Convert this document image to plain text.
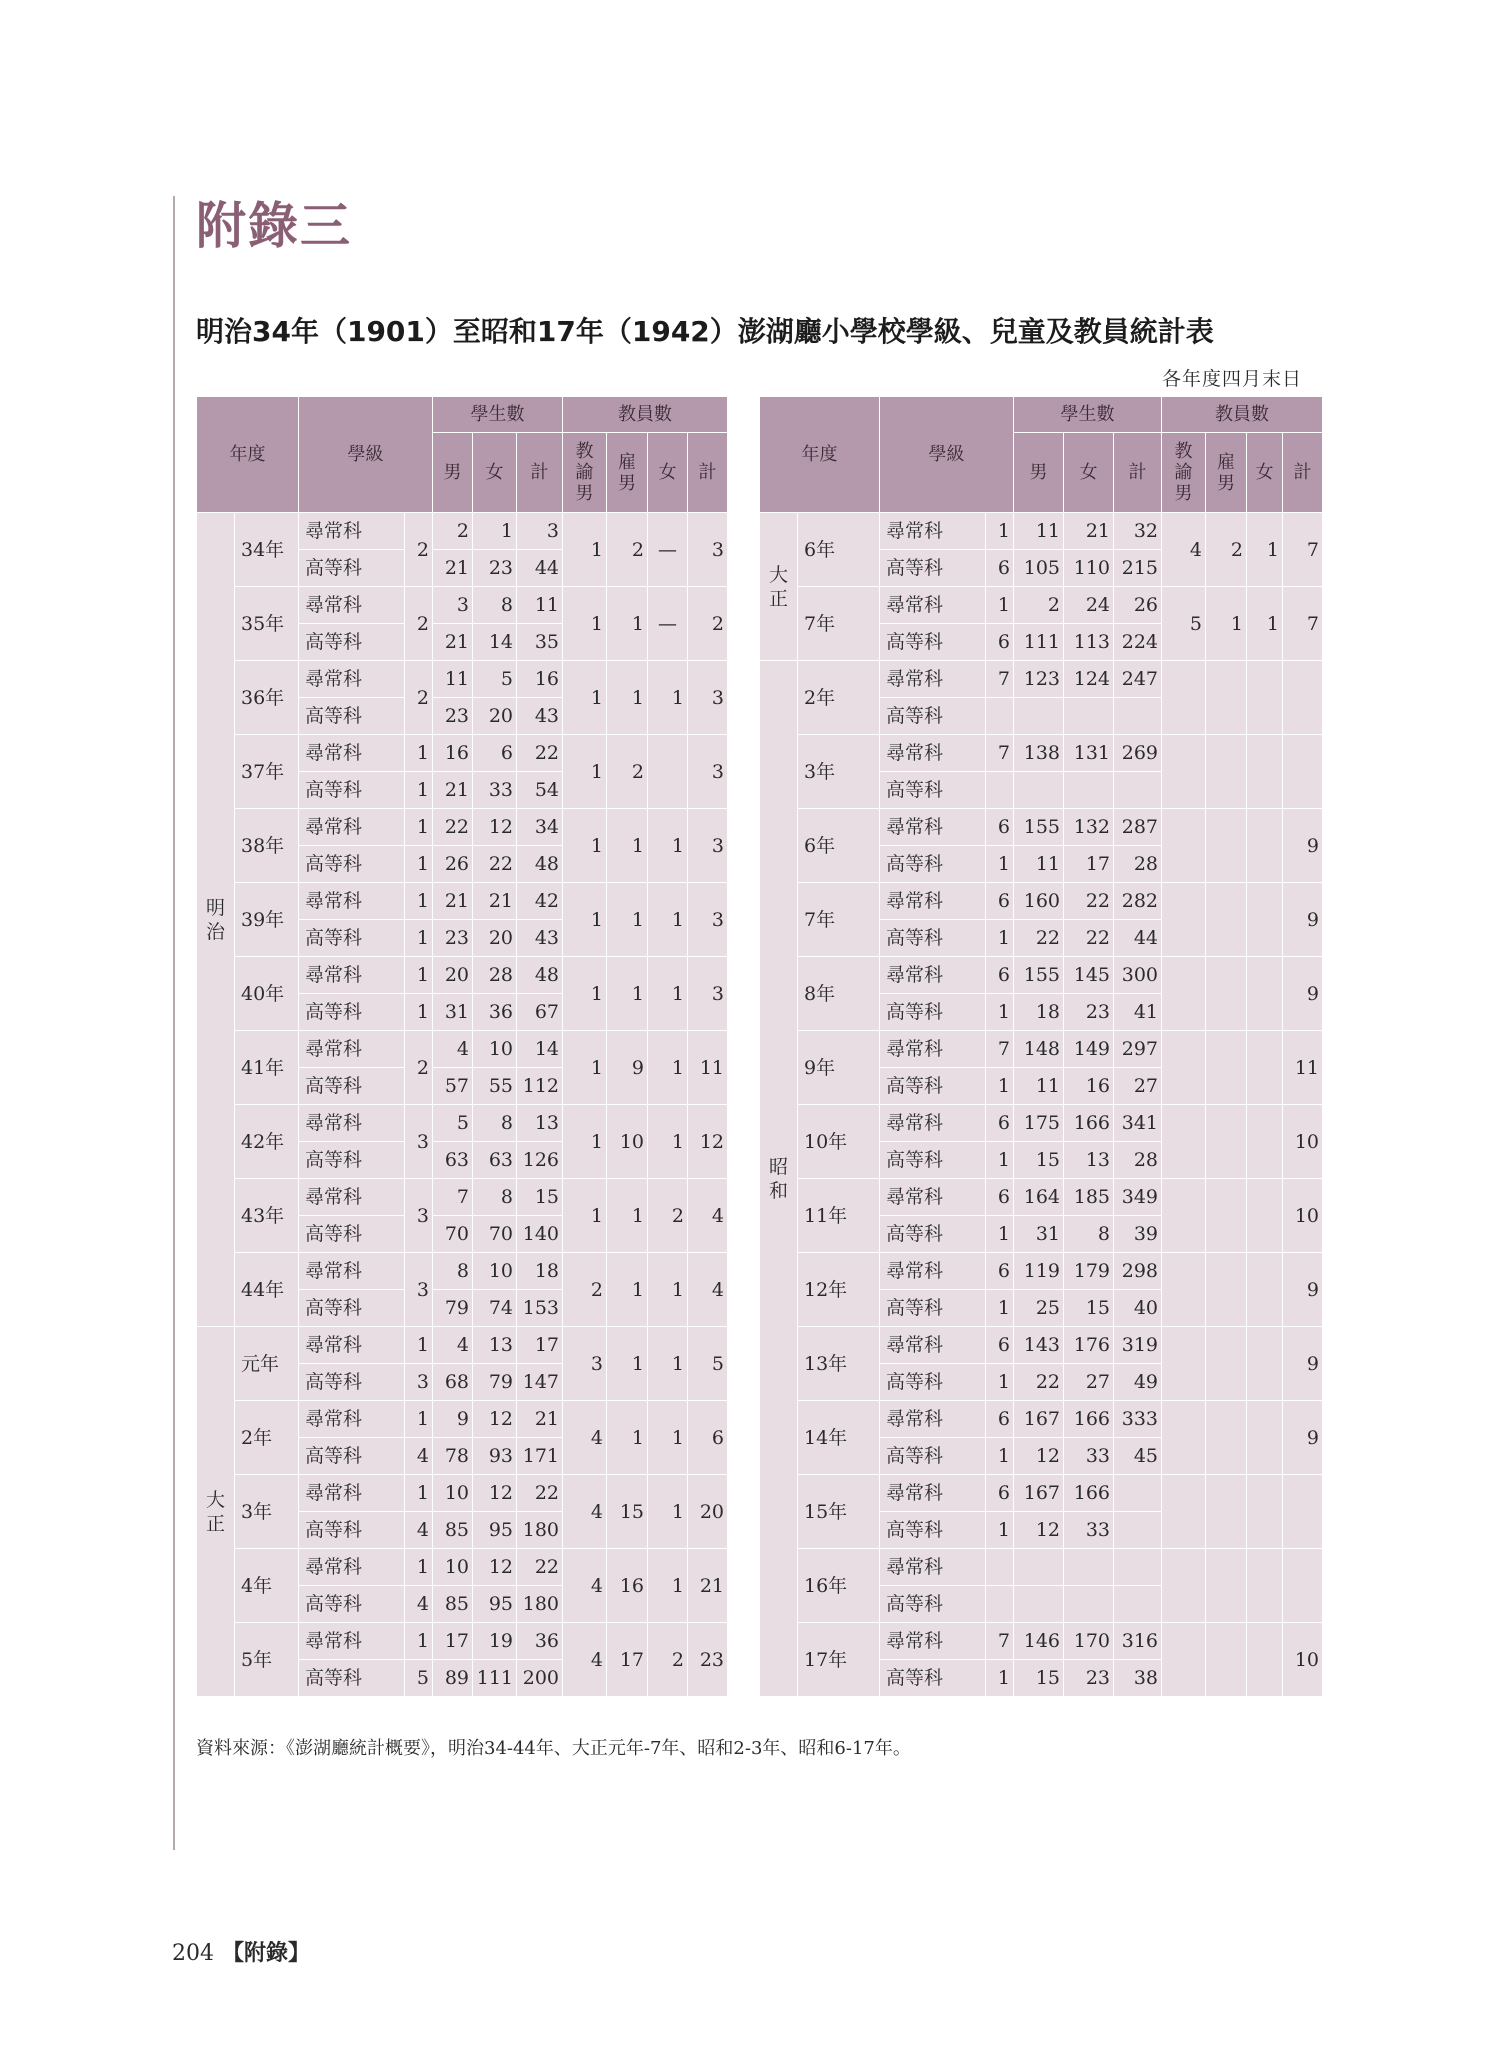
附錄三
明治34年（1901）至昭和17年（1942）澎湖廳小學校學級、兒童及教員統計表
各年度四月末日
年度		學級		學生數			教員數			
				男	女	計	教諭男	雇男	女	計
明治	34年	尋常科	2	2	1	3	1	2	—	3
		高等科		21	23	44				
	35年	尋常科	2	3	8	11	1	1	—	2
		高等科		21	14	35				
	36年	尋常科	2	11	5	16	1	1	1	3
		高等科		23	20	43				
	37年	尋常科	1	16	6	22	1	2		3
		高等科	1	21	33	54				
	38年	尋常科	1	22	12	34	1	1	1	3
		高等科	1	26	22	48				
	39年	尋常科	1	21	21	42	1	1	1	3
		高等科	1	23	20	43				
	40年	尋常科	1	20	28	48	1	1	1	3
		高等科	1	31	36	67				
	41年	尋常科	2	4	10	14	1	9	1	11
		高等科		57	55	112				
	42年	尋常科	3	5	8	13	1	10	1	12
		高等科		63	63	126				
	43年	尋常科	3	7	8	15	1	1	2	4
		高等科		70	70	140				
	44年	尋常科	3	8	10	18	2	1	1	4
		高等科		79	74	153				
大正	元年	尋常科	1	4	13	17	3	1	1	5
		高等科	3	68	79	147				
	2年	尋常科	1	9	12	21	4	1	1	6
		高等科	4	78	93	171				
	3年	尋常科	1	10	12	22	4	15	1	20
		高等科	4	85	95	180				
	4年	尋常科	1	10	12	22	4	16	1	21
		高等科	4	85	95	180				
	5年	尋常科	1	17	19	36	4	17	2	23
		高等科	5	89	111	200				
年度		學級		學生數			教員數			
				男	女	計	教諭男	雇男	女	計
大正	6年	尋常科	1	11	21	32	4	2	1	7
		高等科	6	105	110	215				
	7年	尋常科	1	2	24	26	5	1	1	7
		高等科	6	111	113	224				
昭和	2年	尋常科	7	123	124	247				
		高等科								
	3年	尋常科	7	138	131	269				
		高等科								
	6年	尋常科	6	155	132	287				9
		高等科	1	11	17	28				
	7年	尋常科	6	160	22	282				9
		高等科	1	22	22	44				
	8年	尋常科	6	155	145	300				9
		高等科	1	18	23	41				
	9年	尋常科	7	148	149	297				11
		高等科	1	11	16	27				
	10年	尋常科	6	175	166	341				10
		高等科	1	15	13	28				
	11年	尋常科	6	164	185	349				10
		高等科	1	31	8	39				
	12年	尋常科	6	119	179	298				9
		高等科	1	25	15	40				
	13年	尋常科	6	143	176	319				9
		高等科	1	22	27	49				
	14年	尋常科	6	167	166	333				9
		高等科	1	12	33	45				
	15年	尋常科	6	167	166					
		高等科	1	12	33					
	16年	尋常科								
		高等科								
	17年	尋常科	7	146	170	316				10
		高等科	1	15	23	38				
資料來源：《澎湖廳統計概要》，明治34-44年、大正元年-7年、昭和2-3年、昭和6-17年。
204 【附錄】
